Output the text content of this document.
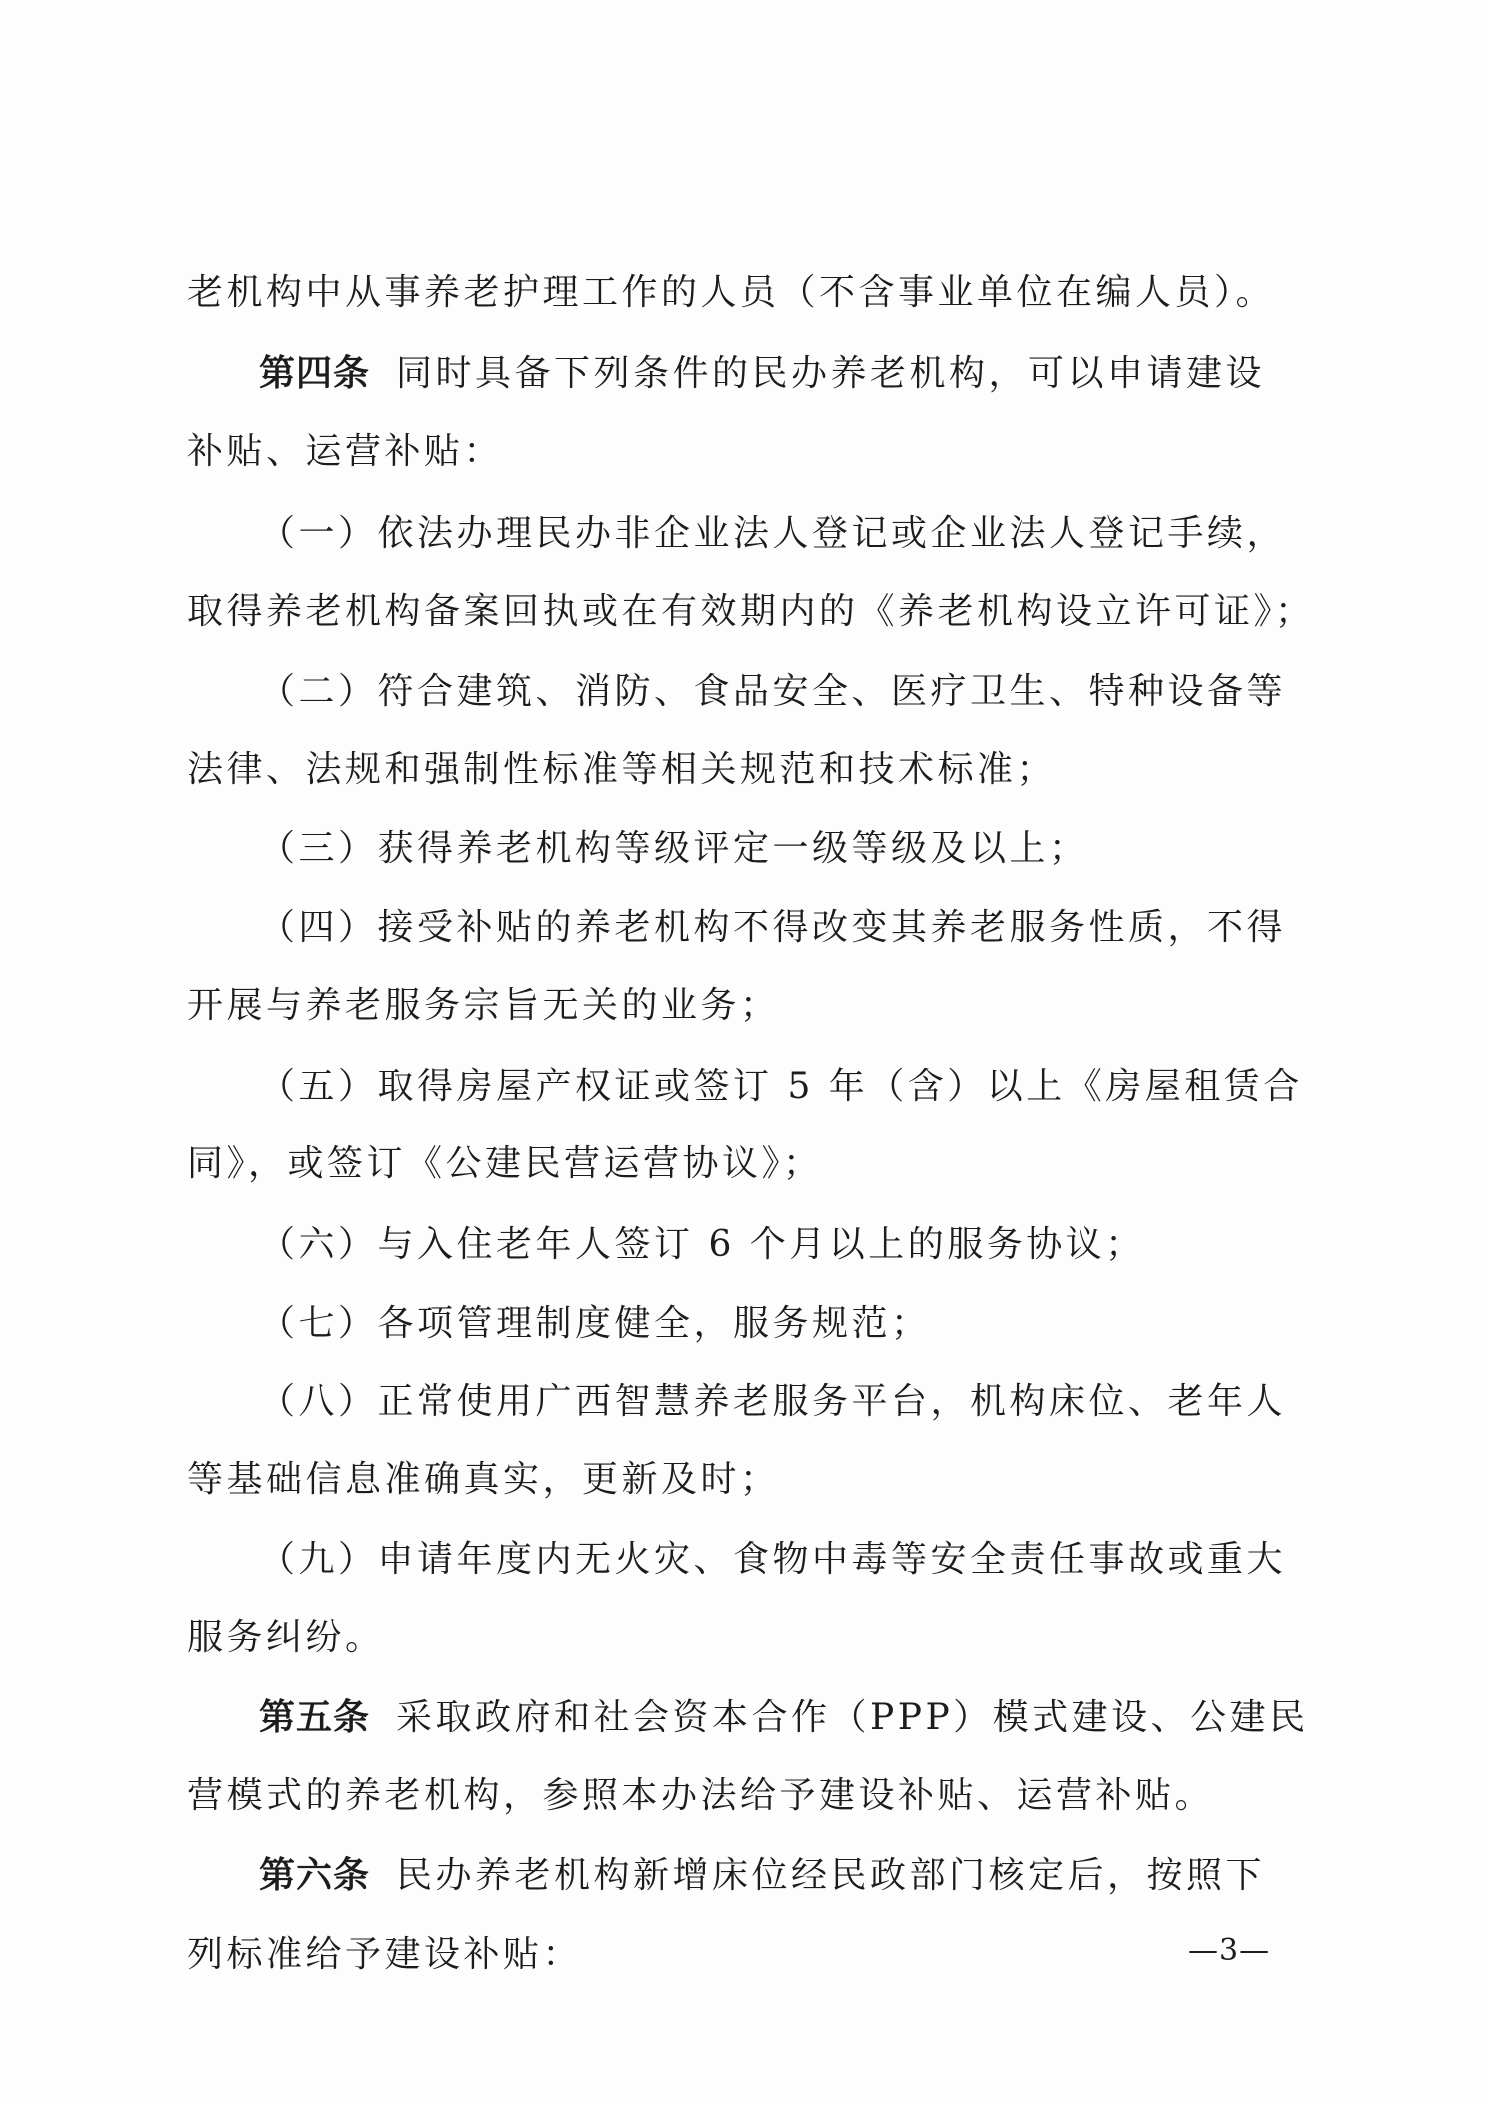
老机构中从事养老护理工作的人员（不含事业单位在编人员）。
第四条 同时具备下列条件的民办养老机构，可以申请建设
补贴、运营补贴：
（一）依法办理民办非企业法人登记或企业法人登记手续，
取得养老机构备案回执或在有效期内的《养老机构设立许可证》；
（二）符合建筑、消防、食品安全、医疗卫生、特种设备等
法律、法规和强制性标准等相关规范和技术标准；
（三）获得养老机构等级评定一级等级及以上；
（四）接受补贴的养老机构不得改变其养老服务性质，不得
开展与养老服务宗旨无关的业务；
（五）取得房屋产权证或签订 5 年（含）以上《房屋租赁合
同》，或签订《公建民营运营协议》；
（六）与入住老年人签订 6 个月以上的服务协议；
（七）各项管理制度健全，服务规范；
（八）正常使用广西智慧养老服务平台，机构床位、老年人
等基础信息准确真实，更新及时；
（九）申请年度内无火灾、食物中毒等安全责任事故或重大
服务纠纷。
第五条 采取政府和社会资本合作（PPP）模式建设、公建民
营模式的养老机构，参照本办法给予建设补贴、运营补贴。
第六条 民办养老机构新增床位经民政部门核定后，按照下
列标准给予建设补贴：	—3—
